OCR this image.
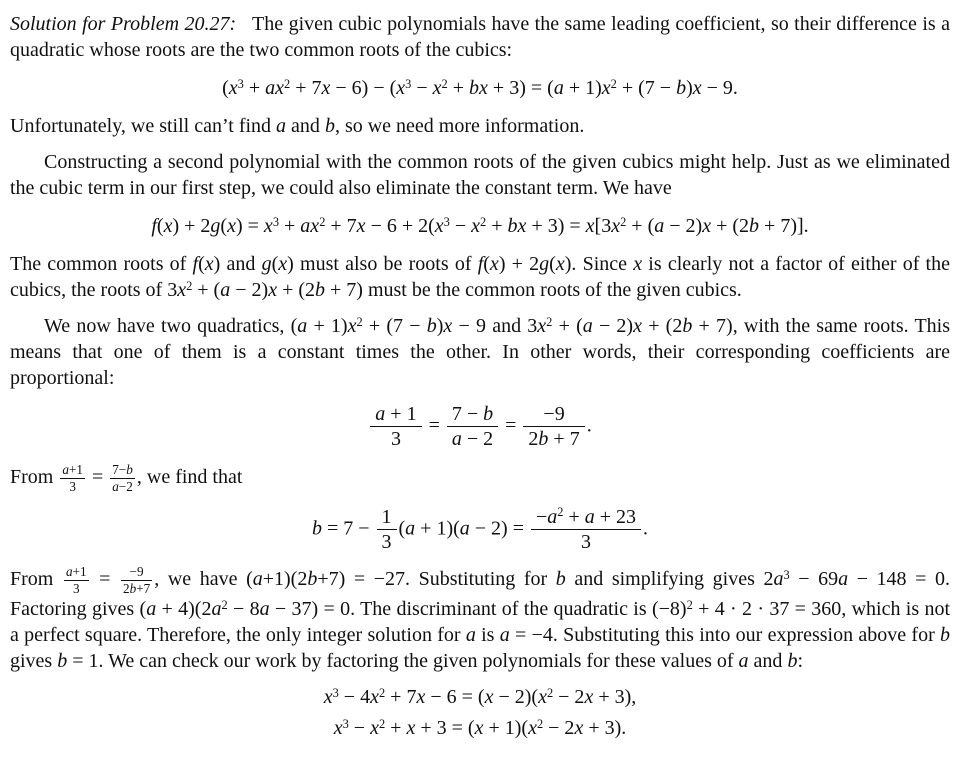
Solution for Problem 20.27:   The given cubic polynomials have the same leading coefficient, so their difference is a quadratic whose roots are the two common roots of the cubics:
$(x^3 + ax^2 + 7x - 6) - (x^3 - x^2$ + bx + $3) = (a + 1)x^2 + (7 - b)x - 9$.
Unfortunately, we still can’t find a and b, so we need more information.
Constructing a second polynomial with the common roots of the given cubics might help. Just as we eliminated the cubic term in our first step, we could also eliminate the constant term. We have
$f(x) + 2g(x) = x^3 + ax^2 + 7x - 6 + 2(x^3 - x^2$ + bx + $3) = x[3x^2 + (a - 2)x + (2b + 7)]$.
The common roots of f(x) and g(x) must also be roots of f(x) + 2g(x). Since x is clearly not a factor of either of the cubics, the roots of $3x^2 + (a - 2)x + (2b + 7)$ must be the common roots of the given cubics.
We now have two quadratics, $(a + 1)x^2 + (7 - b)x - 9$ and $3x^2 + (a - 2)x + (2b + 7)$, with the same roots. This means that one of them is a constant times the other. In other words, their corresponding coefficients are proportional:
$\frac{a + 1}{3} = \frac{7 - b}{a - 2} = \frac{-9}{2b + 7}$ .
From $\frac{a+1}{3} = \frac{7-b}{a-2}$ , we find that
$b = 7 - \frac{1}{3} (a + 1)(a - 2) = \frac{-a^2 + a + 23}{3}$ .
From $\frac{a+1}{3} = \frac{-9}{2b+7}$ , we have (a+1)(2b+7) = −27. Substituting for b and simplifying gives $2a^3 - 69a - 148 = 0$. Factoring gives $(a + 4)(2a^2 - 8a - 37) = 0$. The discriminant of the quadratic is $(-8)^2 + 4 \cdot 2 \cdot 37 = 360$, which is not a perfect square. Therefore, the only integer solution for a is a = −4. Substituting this into our expression above for b gives b = 1. We can check our work by factoring the given polynomials for these values of a and b:
$x^3 - 4x^2 + 7x - 6 = (x - 2)(x^2 - 2x + 3)$,
$x^3 - x^2 + x + 3 = (x + 1)(x^2 - 2x + 3)$.
